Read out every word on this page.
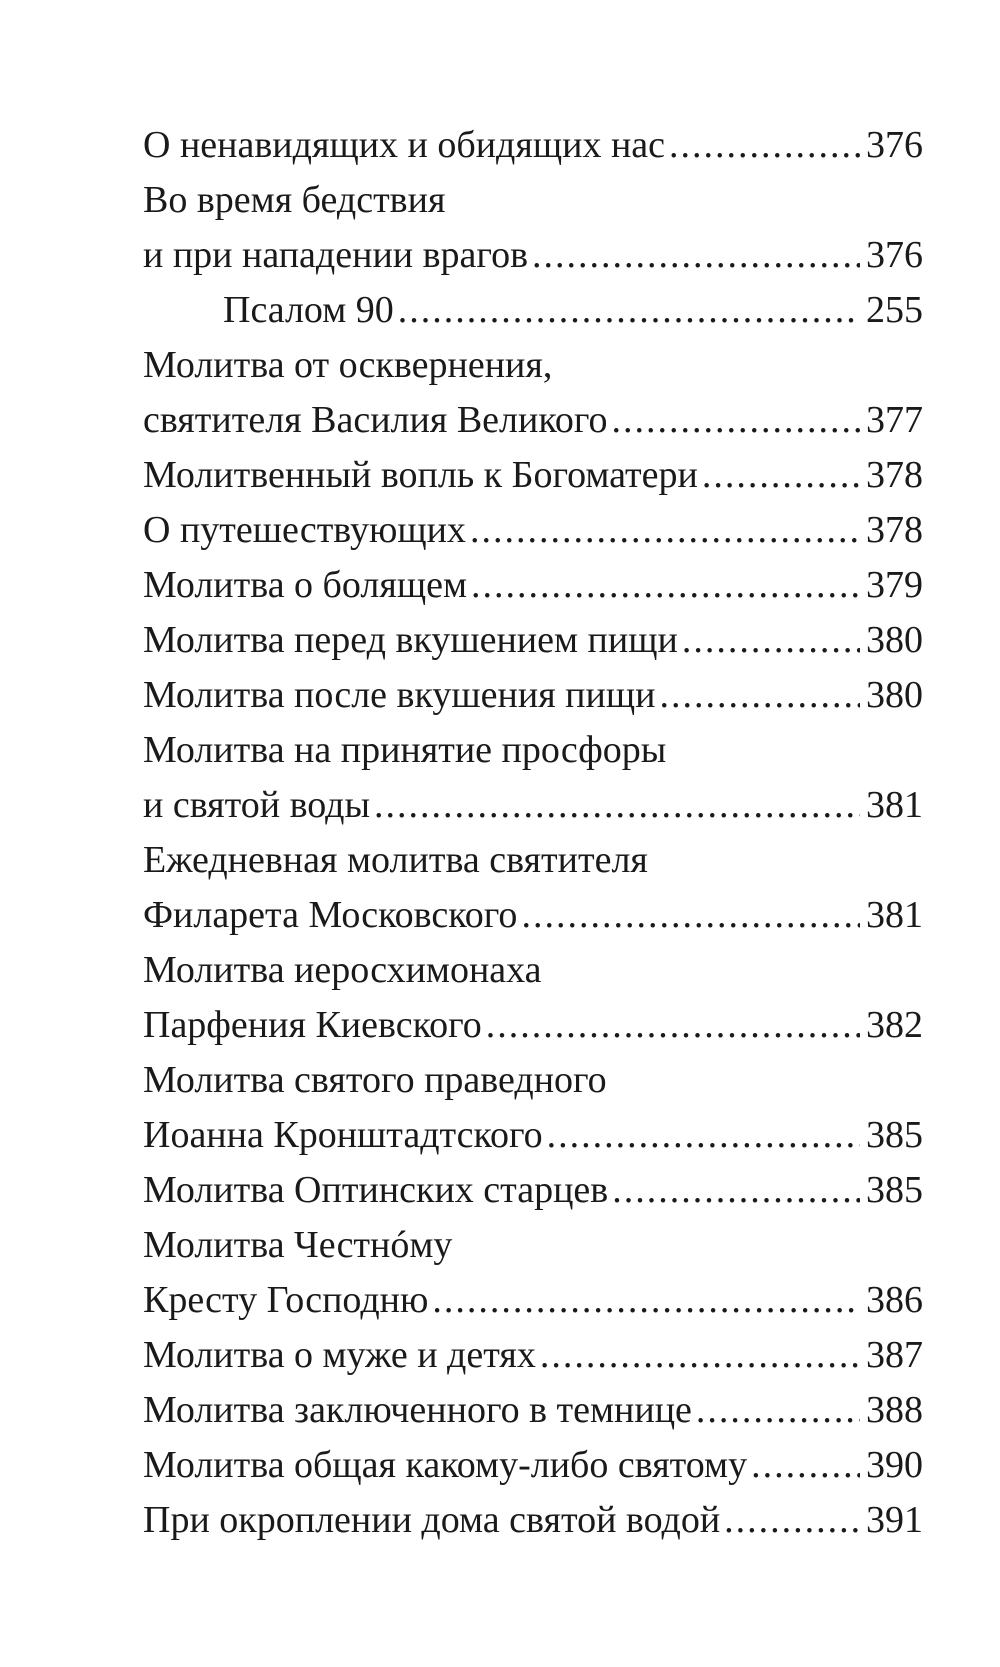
О ненавидящих и обидящих нас .....	376
Во время бедствия
и при нападении врагов .....	376
Псалом 90 .....	255
Молитва от осквернения,
святителя Василия Великого .....	377
Молитвенный вопль к Богоматери .....	378
О путешествующих .....	378
Молитва о болящем .....	379
Молитва перед вкушением пищи .....	380
Молитва после вкушения пищи .....	380
Молитва на принятие просфоры
и святой воды .....	381
Ежедневная молитва святителя
Филарета Московского .....	381
Молитва иеросхимонаха
Парфения Киевского .....	382
Молитва святого праведного
Иоанна Кронштадтского .....	385
Молитва Оптинских старцев .....	385
Молитва Честнóму
Кресту Господню .....	386
Молитва о муже и детях .....	387
Молитва заключенного в темнице .....	388
Молитва общая какому-либо святому .....	390
При окроплении дома святой водой .....	391
